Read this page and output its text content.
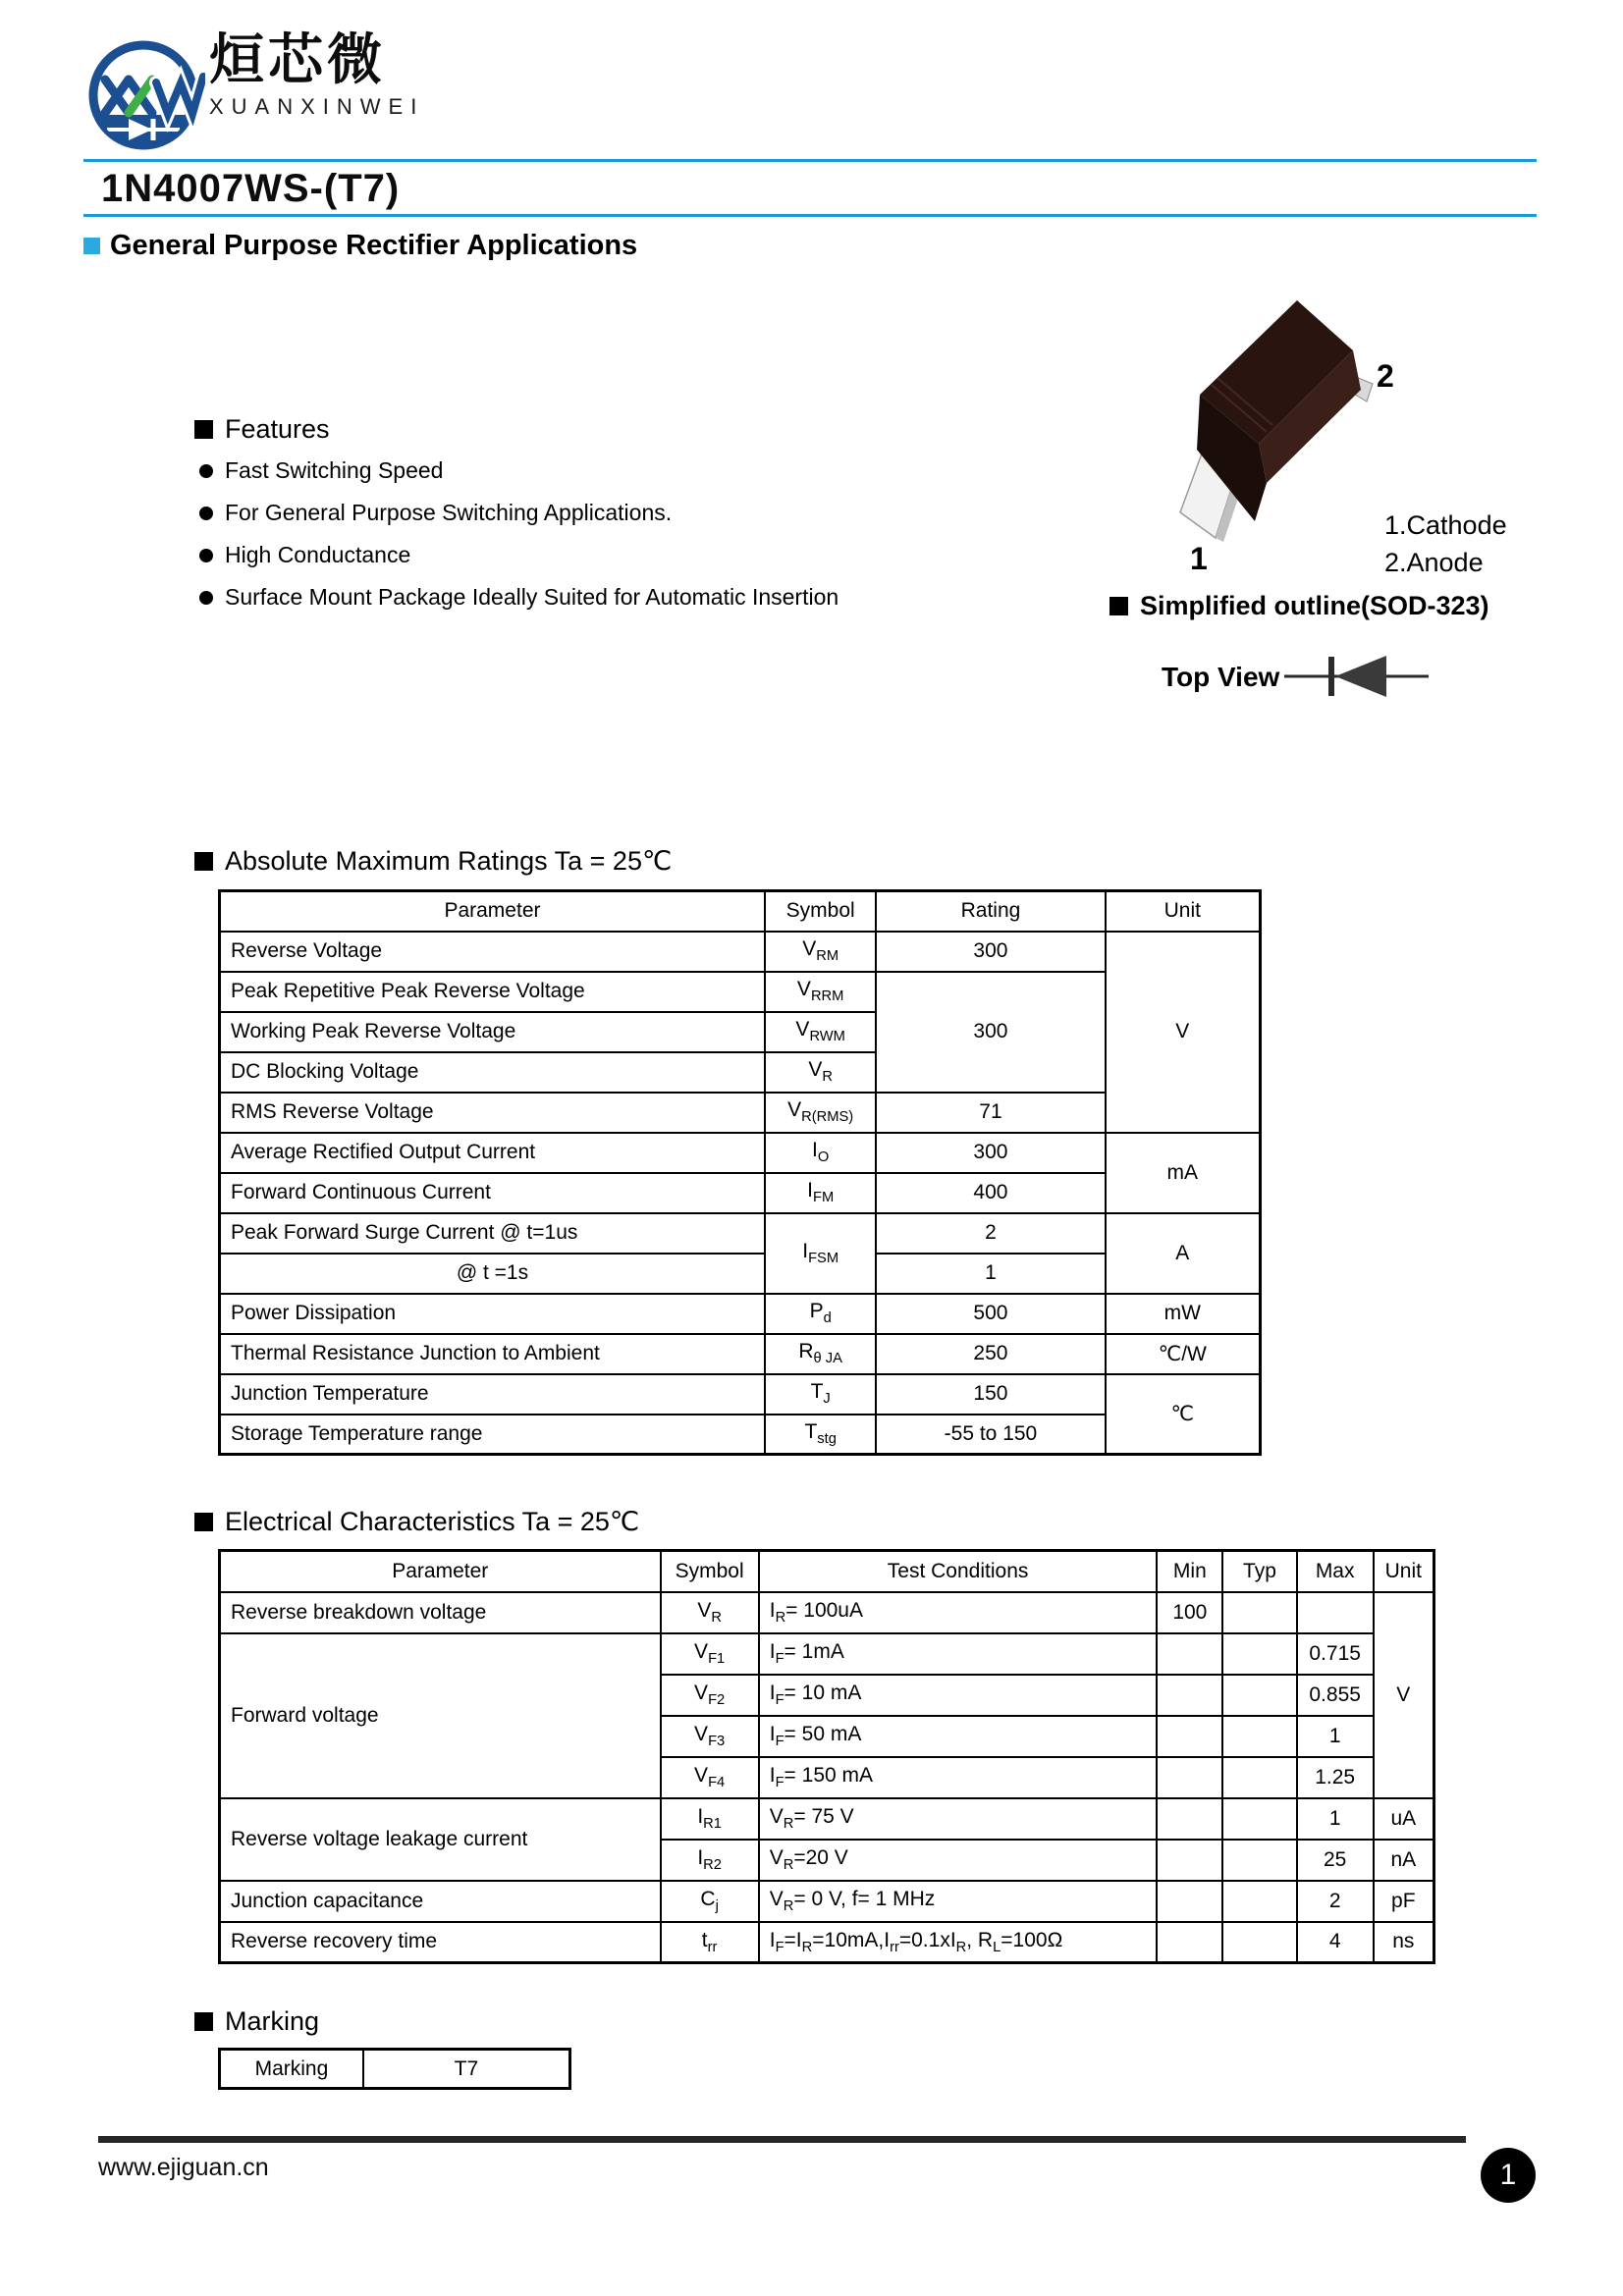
烜芯微
XUANXINWEI
1N4007WS-(T7)
General Purpose Rectifier Applications
Features
Fast Switching Speed
For General Purpose Switching Applications.
High Conductance
Surface Mount Package Ideally Suited for Automatic Insertion
1
2
1.Cathode
2.Anode
Simplified outline(SOD-323)
Top View
Absolute Maximum Ratings Ta = 25℃
Parameter	Symbol	Rating	Unit
Reverse Voltage	$V_{RM}$	300	V
Peak Repetitive Peak Reverse Voltage	$V_{RRM}$	300	
Working Peak Reverse Voltage	$V_{RWM}$
DC Blocking Voltage	$V_R$
RMS Reverse Voltage	$V_{R(RMS)}$	71	
Average Rectified Output Current	$I_O$	300	mA
Forward Continuous Current	$I_{FM}$	400	
Peak Forward Surge Current @ t=1us	$I_{FSM}$	2	A
@ t =1s		1	
Power Dissipation	$P_d$	500	mW
Thermal Resistance Junction to Ambient	$R_{\theta JA}$	250	℃/W
Junction Temperature	$T_J$	150	℃
Storage Temperature range	$T_{stg}$	-55 to 150	
Electrical Characteristics Ta = 25℃
Parameter	Symbol	Test Conditions	Min	Typ	Max	Unit
Reverse breakdown voltage	$V_R$	$I_R= 100uA$	100			V
Forward voltage	$V_{F1}$	$I_F= 1mA$			0.715	
	$V_{F2}$	$I_F= 10$ mA			0.855	
	$V_{F3}$	$I_F= 50$ mA			1	
	$V_{F4}$	$I_F= 150$ mA			1.25	
Reverse voltage leakage current	$I_{R1}$	$V_R= 75$ V			1	uA
	$I_{R2}$	$V_R=20$ V			25	nA
Junction capacitance	$C_j$	$V_R= 0$ V, f= 1 MHz			2	pF
Reverse recovery time	$t_{rr}$	$I_F=I_R=10mA,I_{rr}=0.1xI_R$, $R_L=100\Omega$			4	ns
Marking
Marking	T7
www.ejiguan.cn	1
